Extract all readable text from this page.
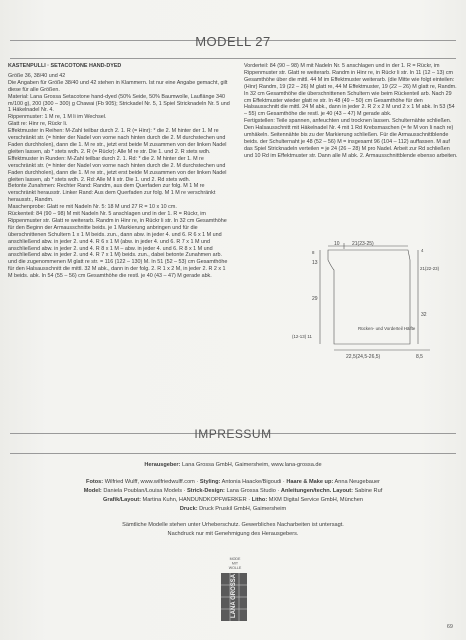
MODELL 27

KASTENPULLI · SETACOTONE HAND-DYED

Größe 36, 38/40 und 42

Die Angaben für Größe 38/40 und 42 stehen in Klammern. Ist nur eine Angabe gemacht, gilt diese für alle Größen.

Material: Lana Grossa Setacotone hand-dyed (50% Seide, 50% Baumwolle, Lauflänge 340 m/100 g), 200 (300 – 300) g Chawai (Fb 905); Strickadel Nr. 5, 1 Spiel Stricknadeln Nr. 5 und 1 Häkelnadel Nr. 4.

Rippenmuster: 1 M re, 1 M li im Wechsel.

Glatt re: Hinr re, Rückr li.

Effektmuster in Reihen: M-Zahl teilbar durch 2. 1. R (= Hinr): * die 2. M hinter der 1. M re verschränkt str. (= hinter der Nadel von vorne nach hinten durch die 2. M durchstechen und Faden durchholen), dann die 1. M re str., jetzt erst beide M zusammen von der linken Nadel gleiten lassen, ab * stets wdh. 2. R (= Rückr): Alle M re str. Die 1. und 2. R stets wdh.

Effektmuster in Runden: M-Zahl teilbar durch 2. 1. Rd: * die 2. M hinter der 1. M re verschränkt str. (= hinter der Nadel von vorne nach hinten durch die 2. M durchstechen und Faden durchholen), dann die 1. M re str., jetzt erst beide M zusammen von der linken Nadel gleiten lassen, ab * stets wdh. 2. Rd: Alle M li str. Die 1. und 2. Rd stets wdh.

Betonte Zunahmen: Rechter Rand: Randm, aus dem Querfaden zur folg. M 1 M re verschränkt herausstr. Linker Rand: Aus dem Querfaden zur folg. M 1 M re verschränkt herausstr., Randm.

Maschenprobe: Glatt re mit Nadeln Nr. 5: 18 M und 27 R = 10 x 10 cm.

Rückenteil: 84 (90 – 98) M mit Nadeln Nr. 5 anschlagen und in der 1. R = Rückr, im Rippenmuster str. Glatt re weiterarb. Randm in Hinr re, in Rückr li str. In 32 cm Gesamthöhe für den Beginn der Armausschnitte beids. je 1 Markierung anbringen und für die überschnittenen Schultern 1 x 1 M beids. zun., dann abw. in jeder 4. und 6. R 6 x 1 M und anschließend abw. in jeder 2. und 4. R 6 x 1 M (abw. in jeder 4. und 6. R 7 x 1 M und anschließend abw. in jeder 2. und 4. R 8 x 1 M – abw. in jeder 4. und 6. R 8 x 1 M und anschließend abw. in jeder 2. und 4. R 7 x 1 M) beids. zun., dabei betonte Zunahmen arb. und die zugenommenen M glatt re str. = 116 (122 – 130) M. In 51 (52 – 53) cm Gesamthöhe für den Halsausschnitt die mittl. 32 M abk., dann in der folg. 2. R 1 x 2 M, in jeder 2. R 2 x 1 M beids. abk. In 54 (55 – 56) cm Gesamthöhe die restl. je 40 (43 – 47) M gerade abk.

Vorderteil: 84 (90 – 98) M mit Nadeln Nr. 5 anschlagen und in der 1. R = Rückr, im Rippenmuster str. Glatt re weiterarb. Randm in Hinr re, in Rückr li str. In 11 (12 – 13) cm Gesamthöhe über die mittl. 44 M im Effektmuster weiterarb. (die Mitte wie folgt einteilen: (Hinr) Randm, 19 (22 – 26) M glatt re, 44 M Effektmuster, 19 (22 – 26) M glatt re, Randm. In 32 cm Gesamthöhe die überschnittenen Schultern wie beim Rückenteil arb. Nach 29 cm Effektmuster wieder glatt re str. In 48 (49 – 50) cm Gesamthöhe für den Halsausschnitt die mittl. 24 M abk., dann in jeder 2. R 2 x 2 M und 2 x 1 M abk. In 53 (54 – 55) cm Gesamthöhe die restl. je 40 (43 – 47) M gerade abk.

Fertigstellen: Teile spannen, anfeuchten und trocknen lassen. Schulternähte schließen. Den Halsausschnitt mit Häkelnadel Nr. 4 mit 1 Rd Krebsmaschen (= fe M von li nach re) umhäkeln. Seitennähte bis zu der Markierung schließen. Für die Armausschnittblende beids. der Schulternaht je 48 (52 – 56) M = insgesamt 96 (104 – 112) auffassen. M auf das Spiel Stricknadeln verteilen = je 24 (26 – 28) M pro Nadel. Arbeit zur Rd schließen und 10 Rd im Effektmuster str. Dann alle M abk. 2. Armausschnittblende ebenso arbeiten.

10 21(23-25)
13
29
(12-13) 11
21(22-23)
32
4
8
Rücken- und Vorderteil Hälfte
22,5(24,5-26,5)	8,5
IMPRESSUM
Herausgeber: Lana Grossa GmbH, Gaimersheim, www.lana-grossa.de
Fotos: Wilfried Wulff, www.wilfriedwulff.com · Styling: Antonia Haacke/Bigoudi · Haare & Make up: Anna Neugebauer
Model: Daniela Poublan/Louisa Models · Strick-Design: Lana Grossa Studio · Anleitungen/techn. Layout: Sabine Ruf
Grafik/Layout: Martina Kuhn, HANDUNDKOPFWERKER · Litho: MXM Digital Service GmbH, München
Druck: Druck Pruskil GmbH, Gaimersheim
Sämtliche Modelle stehen unter Urheberschutz. Gewerbliches Nacharbeiten ist untersagt.
Nachdruck nur mit Genehmigung des Herausgebers.
MODE
MIT
WOLLE
LANA GROSSA
69
